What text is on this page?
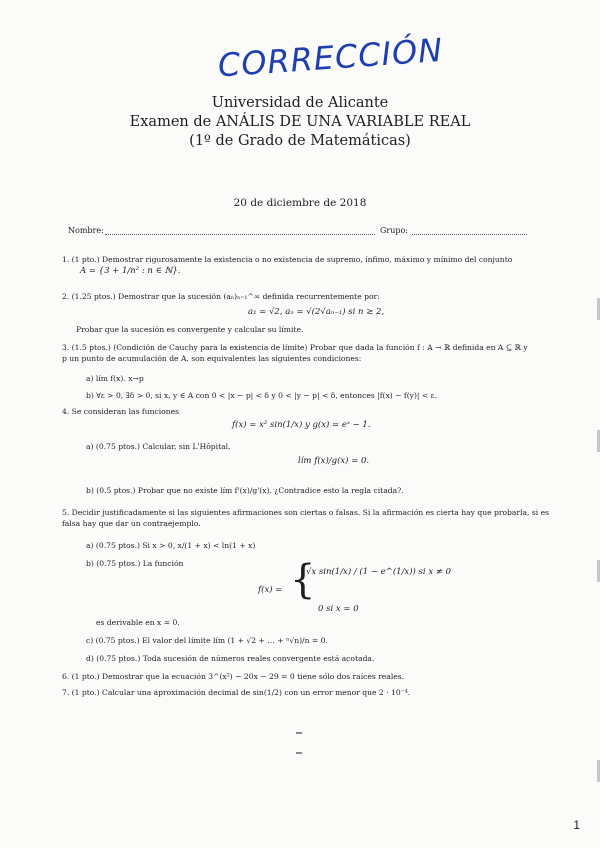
CORRECCIÓN
Universidad de Alicante
Examen de ANÁLIS DE UNA VARIABLE REAL
(1º de Grado de Matemáticas)
20 de diciembre de 2018
Nombre:	Grupo:
1. (1 pto.) Demostrar rigurosamente la existencia o no existencia de supremo, ínfimo, máximo y mínimo del conjunto
A = {3 + 1/n² : n ∈ ℕ}.
2. (1.25 ptos.) Demostrar que la sucesión (aₙ)ₙ₌₁^∞ definida recurrentemente por:
a₁ = √2, aₙ = √(2√aₙ₋₁) si n ≥ 2,
Probar que la sucesión es convergente y calcular su límite.
3. (1.5 ptos.) (Condición de Cauchy para la existencia de límite) Probar que dada la función f : A → ℝ definida en A ⊆ ℝ y p un punto de acumulación de A, son equivalentes las siguientes condiciones:
a) lím f(x). x→p
b) ∀ε > 0, ∃δ > 0, si x, y ∈ A con 0 < |x − p| < δ y 0 < |y − p| < δ, entonces |f(x) − f(y)| < ε.
4. Se consideran las funciones
f(x) = x² sin(1/x) y g(x) = eˣ − 1.
a) (0.75 ptos.) Calcular, sin L'Hôpital,
lím f(x)/g(x) = 0.
b) (0.5 ptos.) Probar que no existe lím f'(x)/g'(x). ¿Contradice esto la regla citada?.
5. Decidir justificadamente si las siguientes afirmaciones son ciertas o falsas. Si la afirmación es cierta hay que probarla, si es falsa hay que dar un contraejemplo.
a) (0.75 ptos.) Si x > 0, x/(1 + x) < ln(1 + x)
b) (0.75 ptos.) La función
f(x) = {
√x sin(1/x) / (1 − e^(1/x)) si x ≠ 0
0 si x = 0
es derivable en x = 0.
c) (0.75 ptos.) El valor del límite lím (1 + √2 + … + ⁿ√n)/n = 0.
d) (0.75 ptos.) Toda sucesión de números reales convergente está acotada.
6. (1 pto.) Demostrar que la ecuación 3^(x²) − 20x − 29 = 0 tiene sólo dos raíces reales.
7. (1 pto.) Calcular una aproximación decimal de sin(1/2) con un error menor que 2 · 10⁻⁴.
1
